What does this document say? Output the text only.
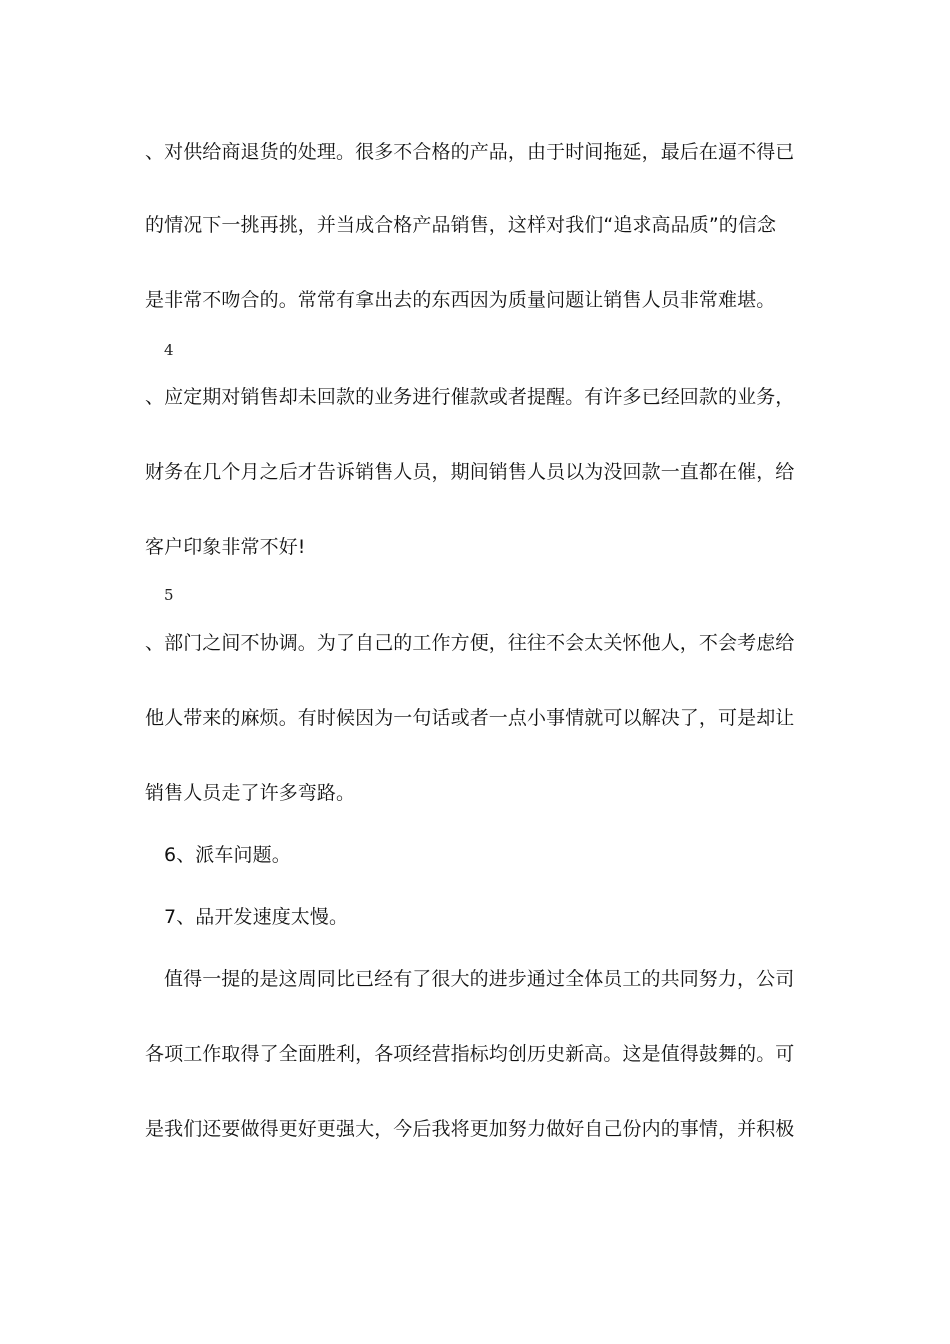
、对供给商退货的处理。很多不合格的产品，由于时间拖延，最后在逼不得已
的情况下一挑再挑，并当成合格产品销售，这样对我们“追求高品质”的信念
是非常不吻合的。常常有拿出去的东西因为质量问题让销售人员非常难堪。
4
、应定期对销售却未回款的业务进行催款或者提醒。有许多已经回款的业务，
财务在几个月之后才告诉销售人员，期间销售人员以为没回款一直都在催，给
客户印象非常不好!
5
、部门之间不协调。为了自己的工作方便，往往不会太关怀他人，不会考虑给
他人带来的麻烦。有时候因为一句话或者一点小事情就可以解决了，可是却让
销售人员走了许多弯路。
6、派车问题。
7、品开发速度太慢。
值得一提的是这周同比已经有了很大的进步通过全体员工的共同努力，公司
各项工作取得了全面胜利，各项经营指标均创历史新高。这是值得鼓舞的。可
是我们还要做得更好更强大，今后我将更加努力做好自己份内的事情，并积极
